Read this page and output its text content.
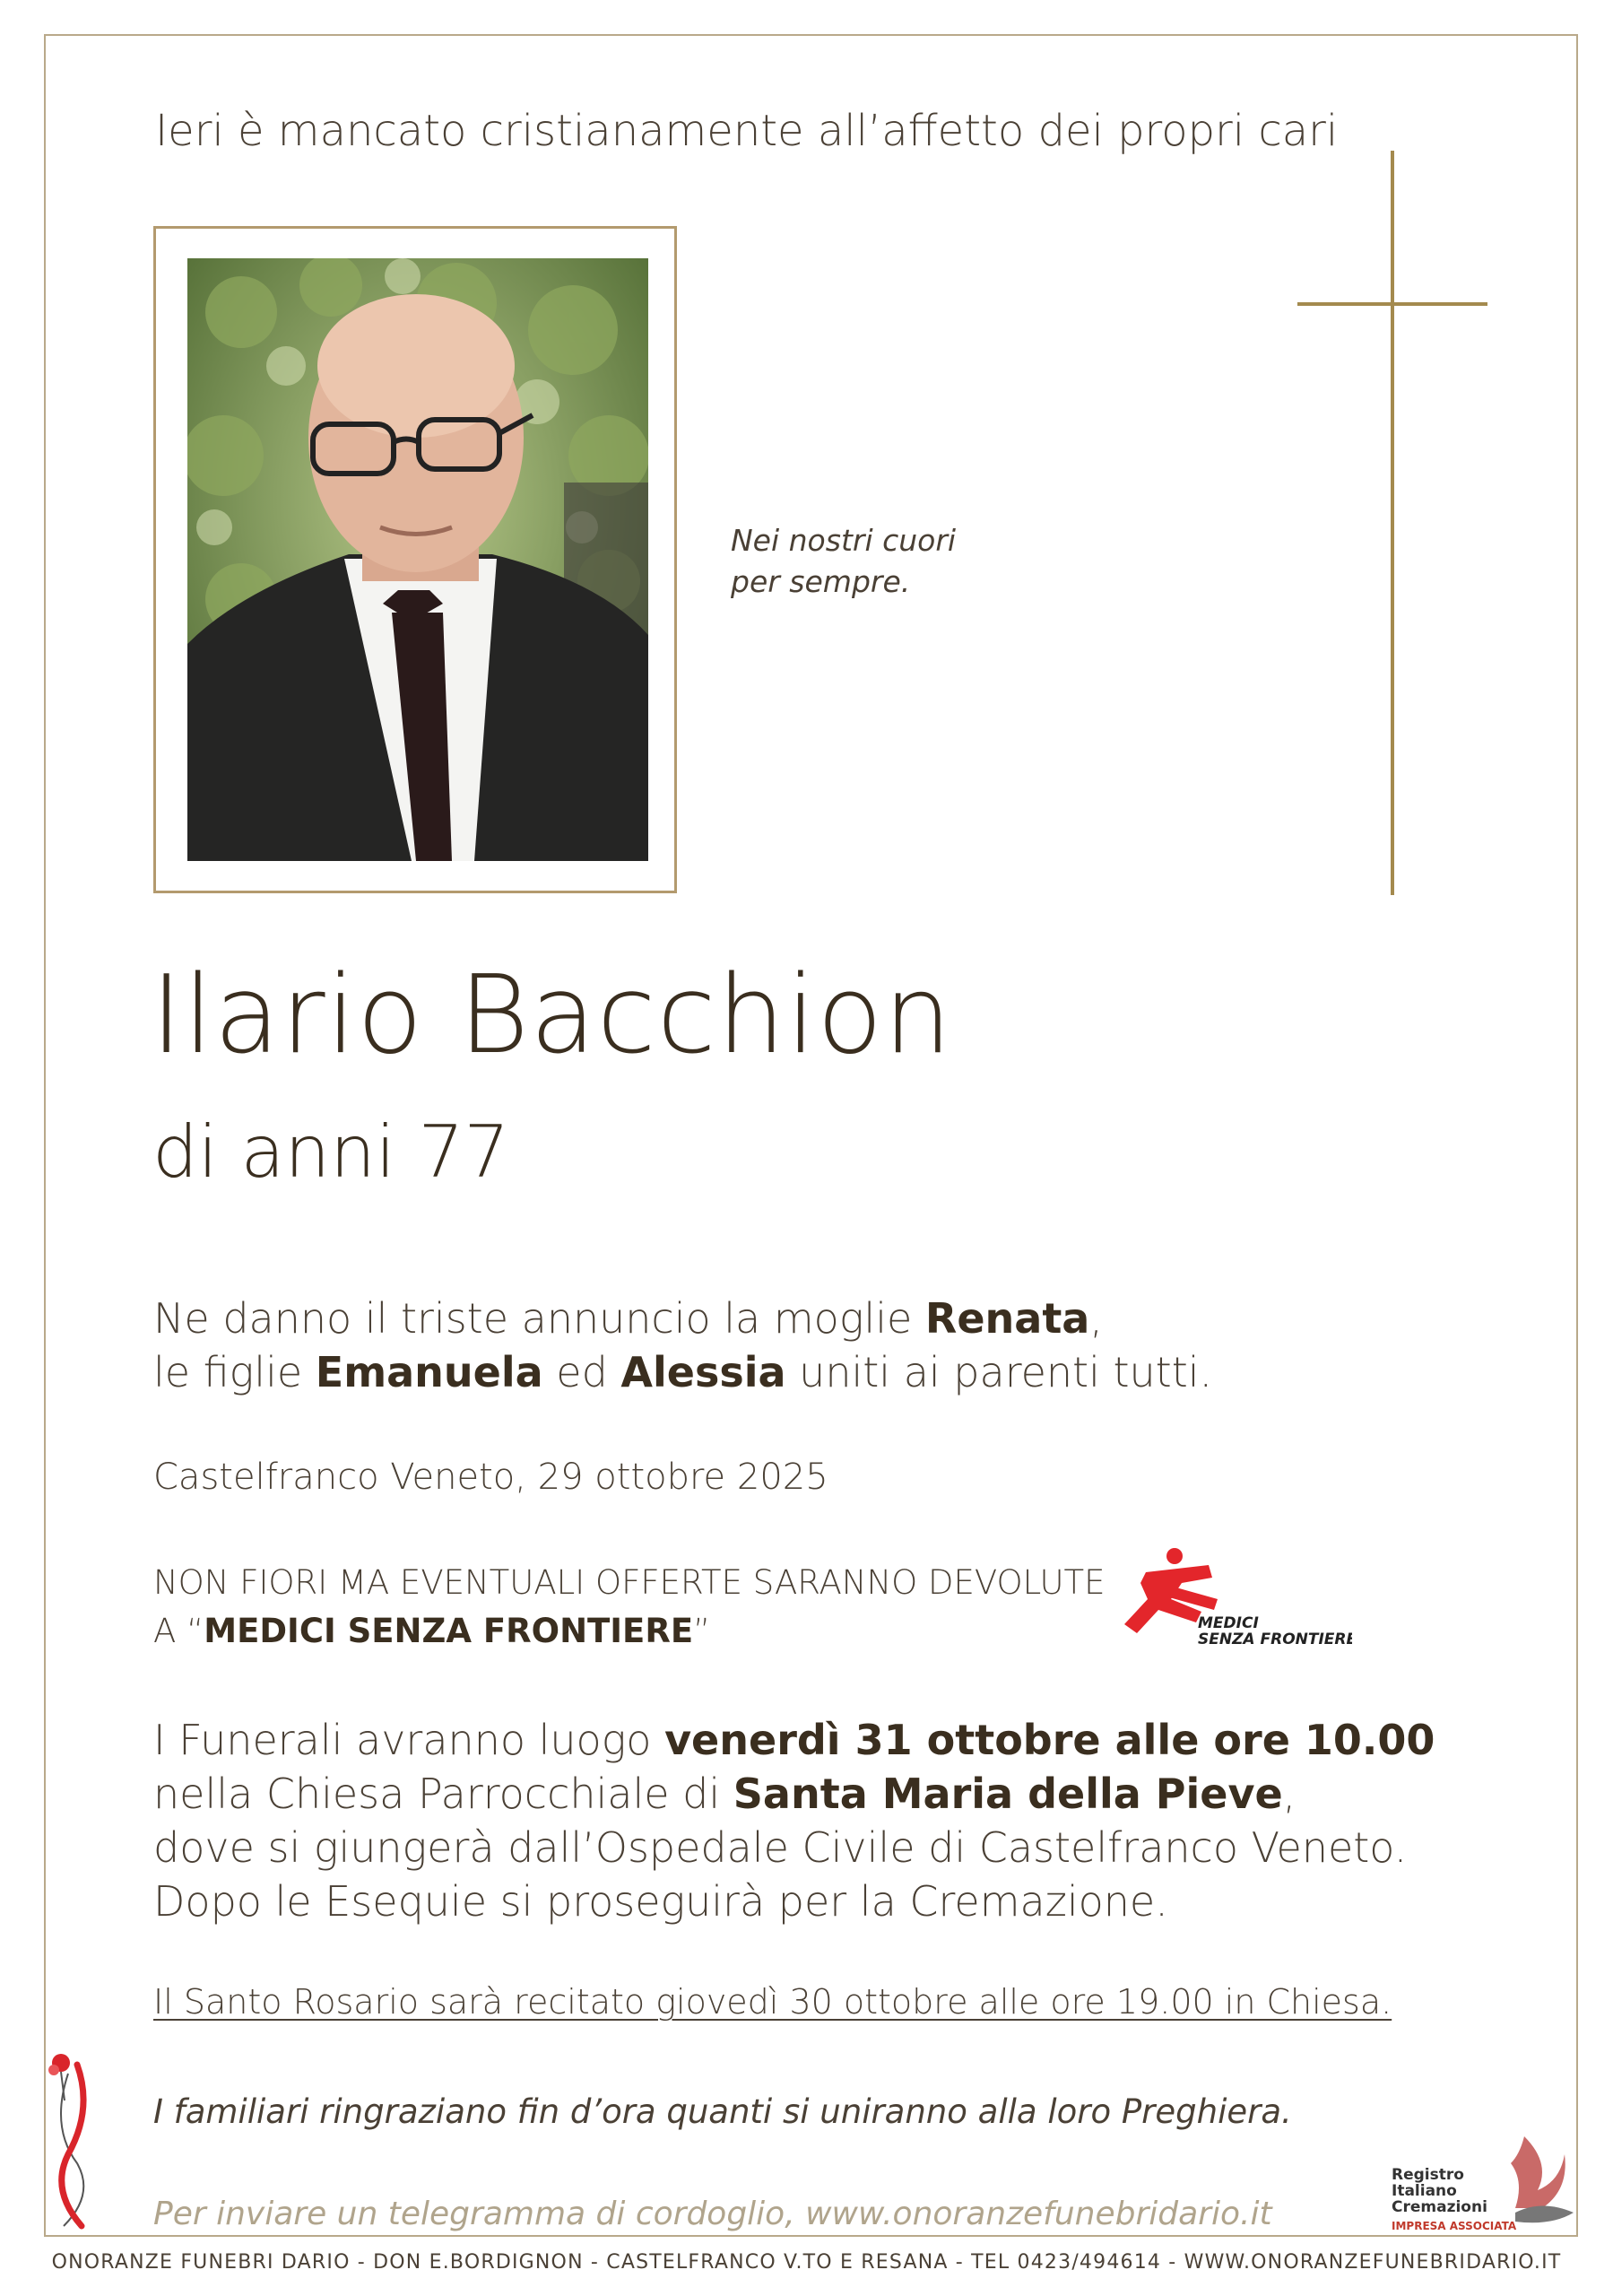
Ieri è mancato cristianamente all’affetto dei propri cari
Nei nostri cuori
per sempre.
Ilario Bacchion
di anni 77
Ne danno il triste annuncio la moglie Renata,
le figlie Emanuela ed Alessia uniti ai parenti tutti.
Castelfranco Veneto, 29 ottobre 2025
NON FIORI MA EVENTUALI OFFERTE SARANNO DEVOLUTE
A “MEDICI SENZA FRONTIERE”	MEDICI
SENZA FRONTIERE
I Funerali avranno luogo venerdì 31 ottobre alle ore 10.00
nella Chiesa Parrocchiale di Santa Maria della Pieve,
dove si giungerà dall’Ospedale Civile di Castelfranco Veneto.
Dopo le Esequie si proseguirà per la Cremazione.
Il Santo Rosario sarà recitato giovedì 30 ottobre alle ore 19.00 in Chiesa.
I familiari ringraziano fin d’ora quanti si uniranno alla loro Preghiera.
Per inviare un telegramma di cordoglio, www.onoranzefunebridario.it
Registro
Italiano
Cremazioni
IMPRESA ASSOCIATA
ONORANZE FUNEBRI DARIO - DON E.BORDIGNON - CASTELFRANCO V.TO E RESANA - TEL 0423/494614 - WWW.ONORANZEFUNEBRIDARIO.IT
